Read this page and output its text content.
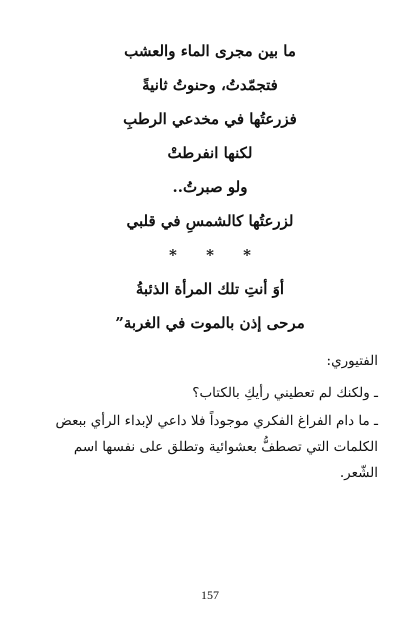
ما بين مجرى الماء والعشب
فتجمّدتُ، وحنوتُ ثانيةً
فزرعتُها في مخدعي الرطبِ
لكنها انفرطتْ
ولو صبرتُ..
لزرعتُها كالشمسِ في قلبي
* * *
أوَ أنتِ تلك المرأة الذئبةُ
مرحى إذن بالموت في الغربة”
الفتيوري:

ـ ولكنك لم تعطيني رأيكِ بالكتاب؟

ـ ما دام الفراغ الفكري موجوداً فلا داعي لإبداء الرأي ببعض الكلمات التي تصطفُّ بعشوائية وتطلق على نفسها اسم الشّعر.

157
